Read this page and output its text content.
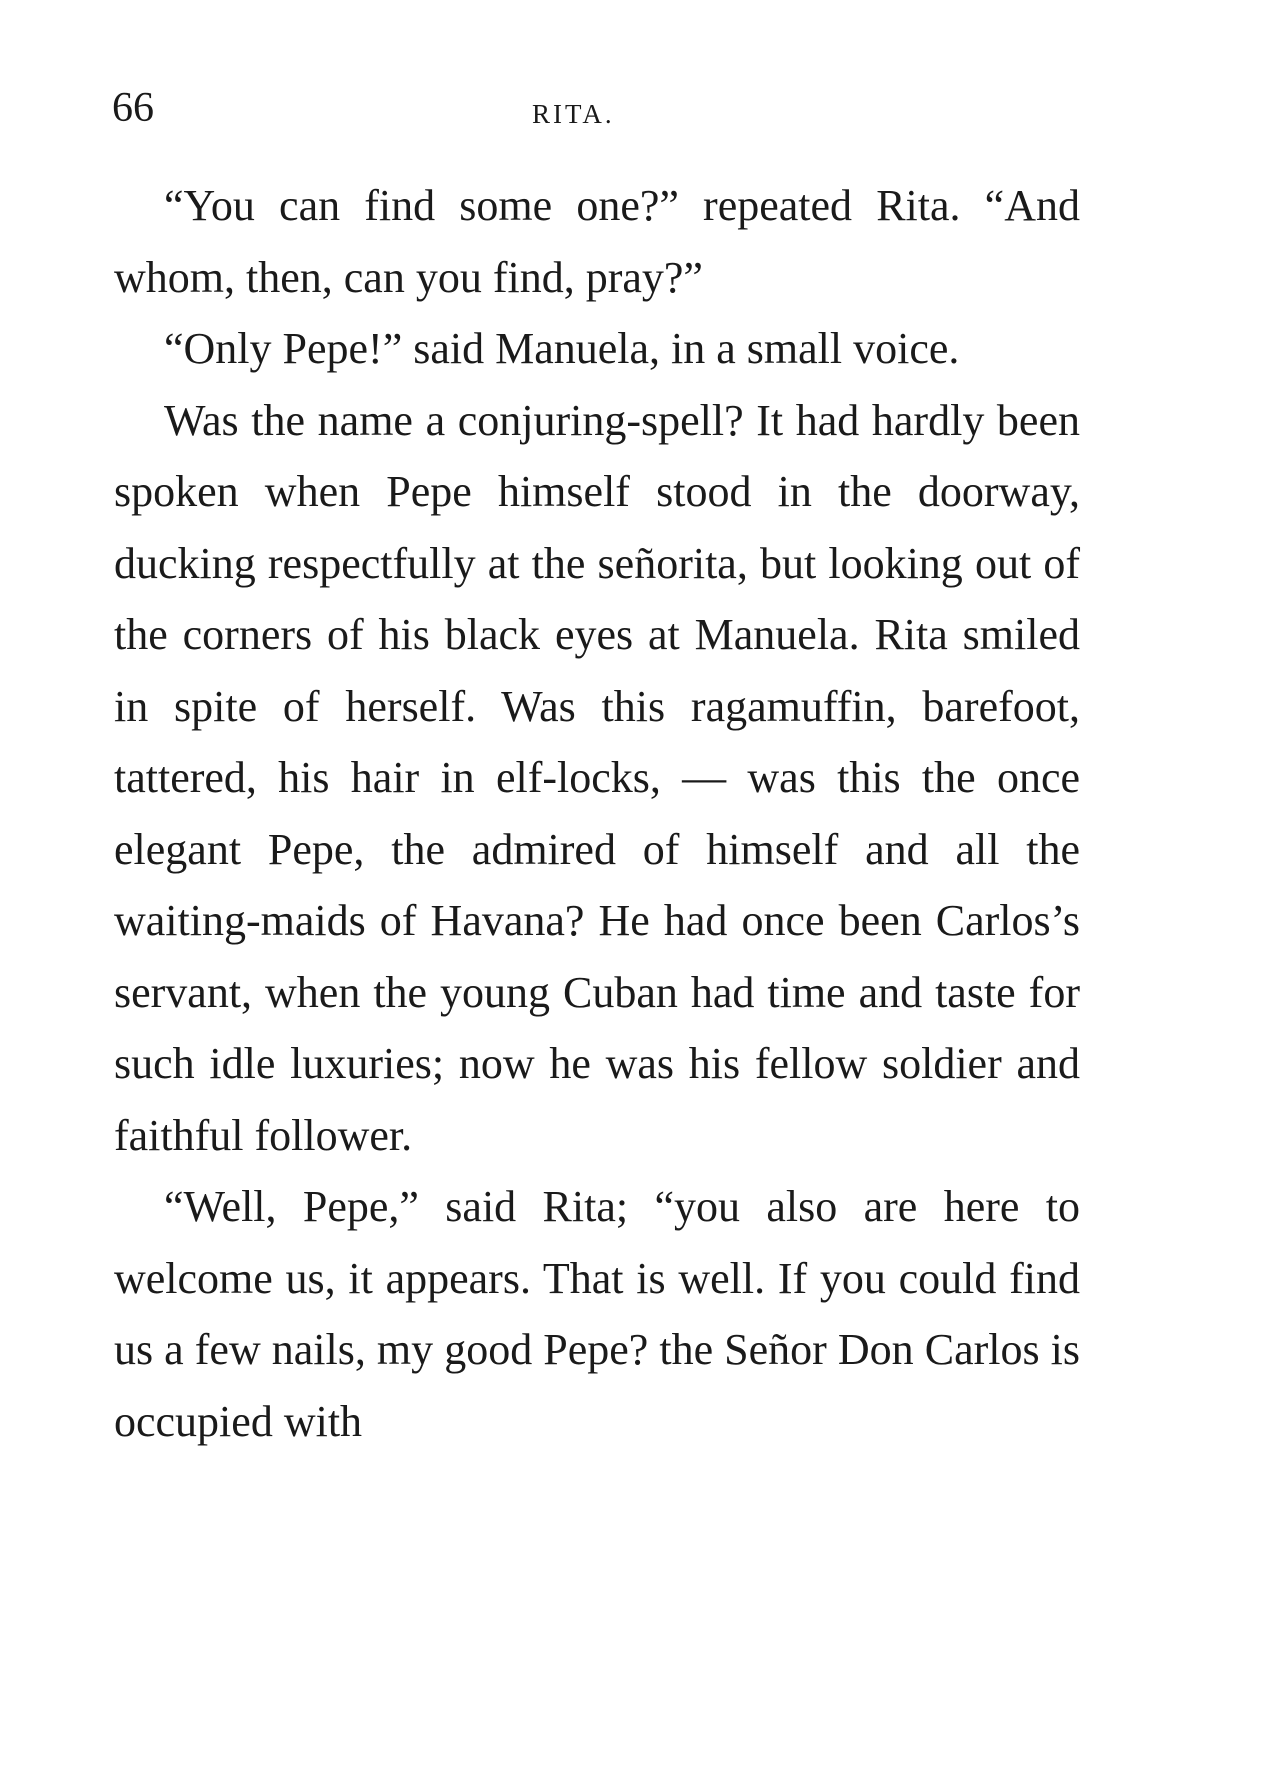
66	RITA.

“You can find some one?” repeated Rita. “And whom, then, can you find, pray?”

“Only Pepe!” said Manuela, in a small voice.

Was the name a conjuring-spell? It had hardly been spoken when Pepe himself stood in the doorway, ducking respectfully at the señorita, but looking out of the corners of his black eyes at Manuela. Rita smiled in spite of herself. Was this ragamuffin, barefoot, tattered, his hair in elf-locks, — was this the once elegant Pepe, the admired of himself and all the waiting-maids of Havana? He had once been Carlos’s servant, when the young Cuban had time and taste for such idle luxuries; now he was his fellow soldier and faithful follower.

“Well, Pepe,” said Rita; “you also are here to welcome us, it appears. That is well. If you could find us a few nails, my good Pepe? the Señor Don Carlos is occupied with
